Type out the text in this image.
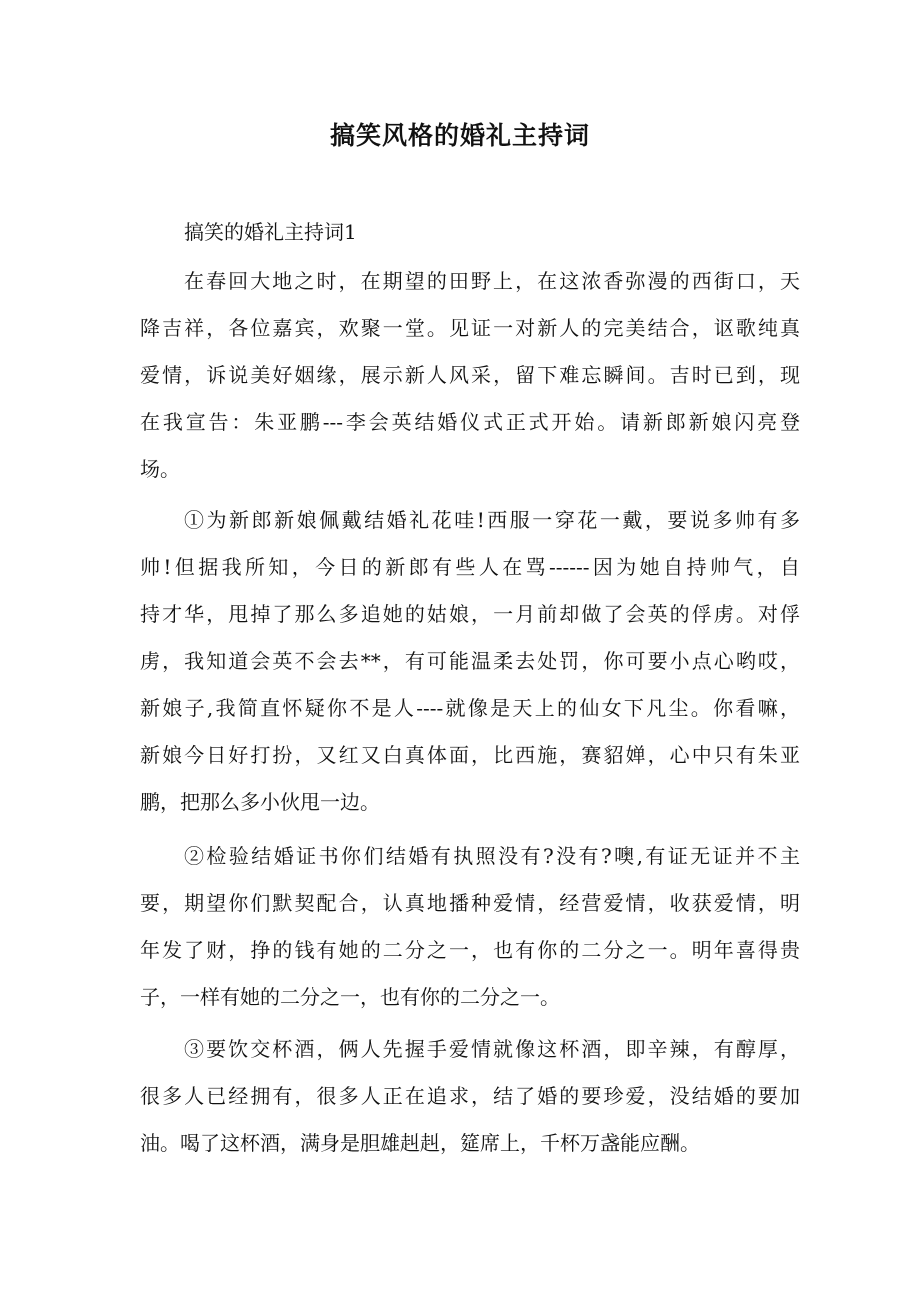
搞笑风格的婚礼主持词
搞笑的婚礼主持词1
在春回大地之时，在期望的田野上，在这浓香弥漫的西街口，天
降吉祥，各位嘉宾，欢聚一堂。见证一对新人的完美结合，讴歌纯真
爱情，诉说美好姻缘，展示新人风采，留下难忘瞬间。吉时已到，现
在我宣告：朱亚鹏---李会英结婚仪式正式开始。请新郎新娘闪亮登
场。
①为新郎新娘佩戴结婚礼花哇!西服一穿花一戴，要说多帅有多
帅!但据我所知，今日的新郎有些人在骂------因为她自持帅气，自
持才华，甩掉了那么多追她的姑娘，一月前却做了会英的俘虏。对俘
虏，我知道会英不会去**，有可能温柔去处罚，你可要小点心哟哎，
新娘子,我简直怀疑你不是人----就像是天上的仙女下凡尘。你看嘛，
新娘今日好打扮，又红又白真体面，比西施，赛貂婵，心中只有朱亚
鹏，把那么多小伙甩一边。
②检验结婚证书你们结婚有执照没有?没有?噢,有证无证并不主
要，期望你们默契配合，认真地播种爱情，经营爱情，收获爱情，明
年发了财，挣的钱有她的二分之一，也有你的二分之一。明年喜得贵
子，一样有她的二分之一，也有你的二分之一。
③要饮交杯酒，俩人先握手爱情就像这杯酒，即辛辣，有醇厚，
很多人已经拥有，很多人正在追求，结了婚的要珍爱，没结婚的要加
油。喝了这杯酒，满身是胆雄赳赳，筵席上，千杯万盏能应酬。
